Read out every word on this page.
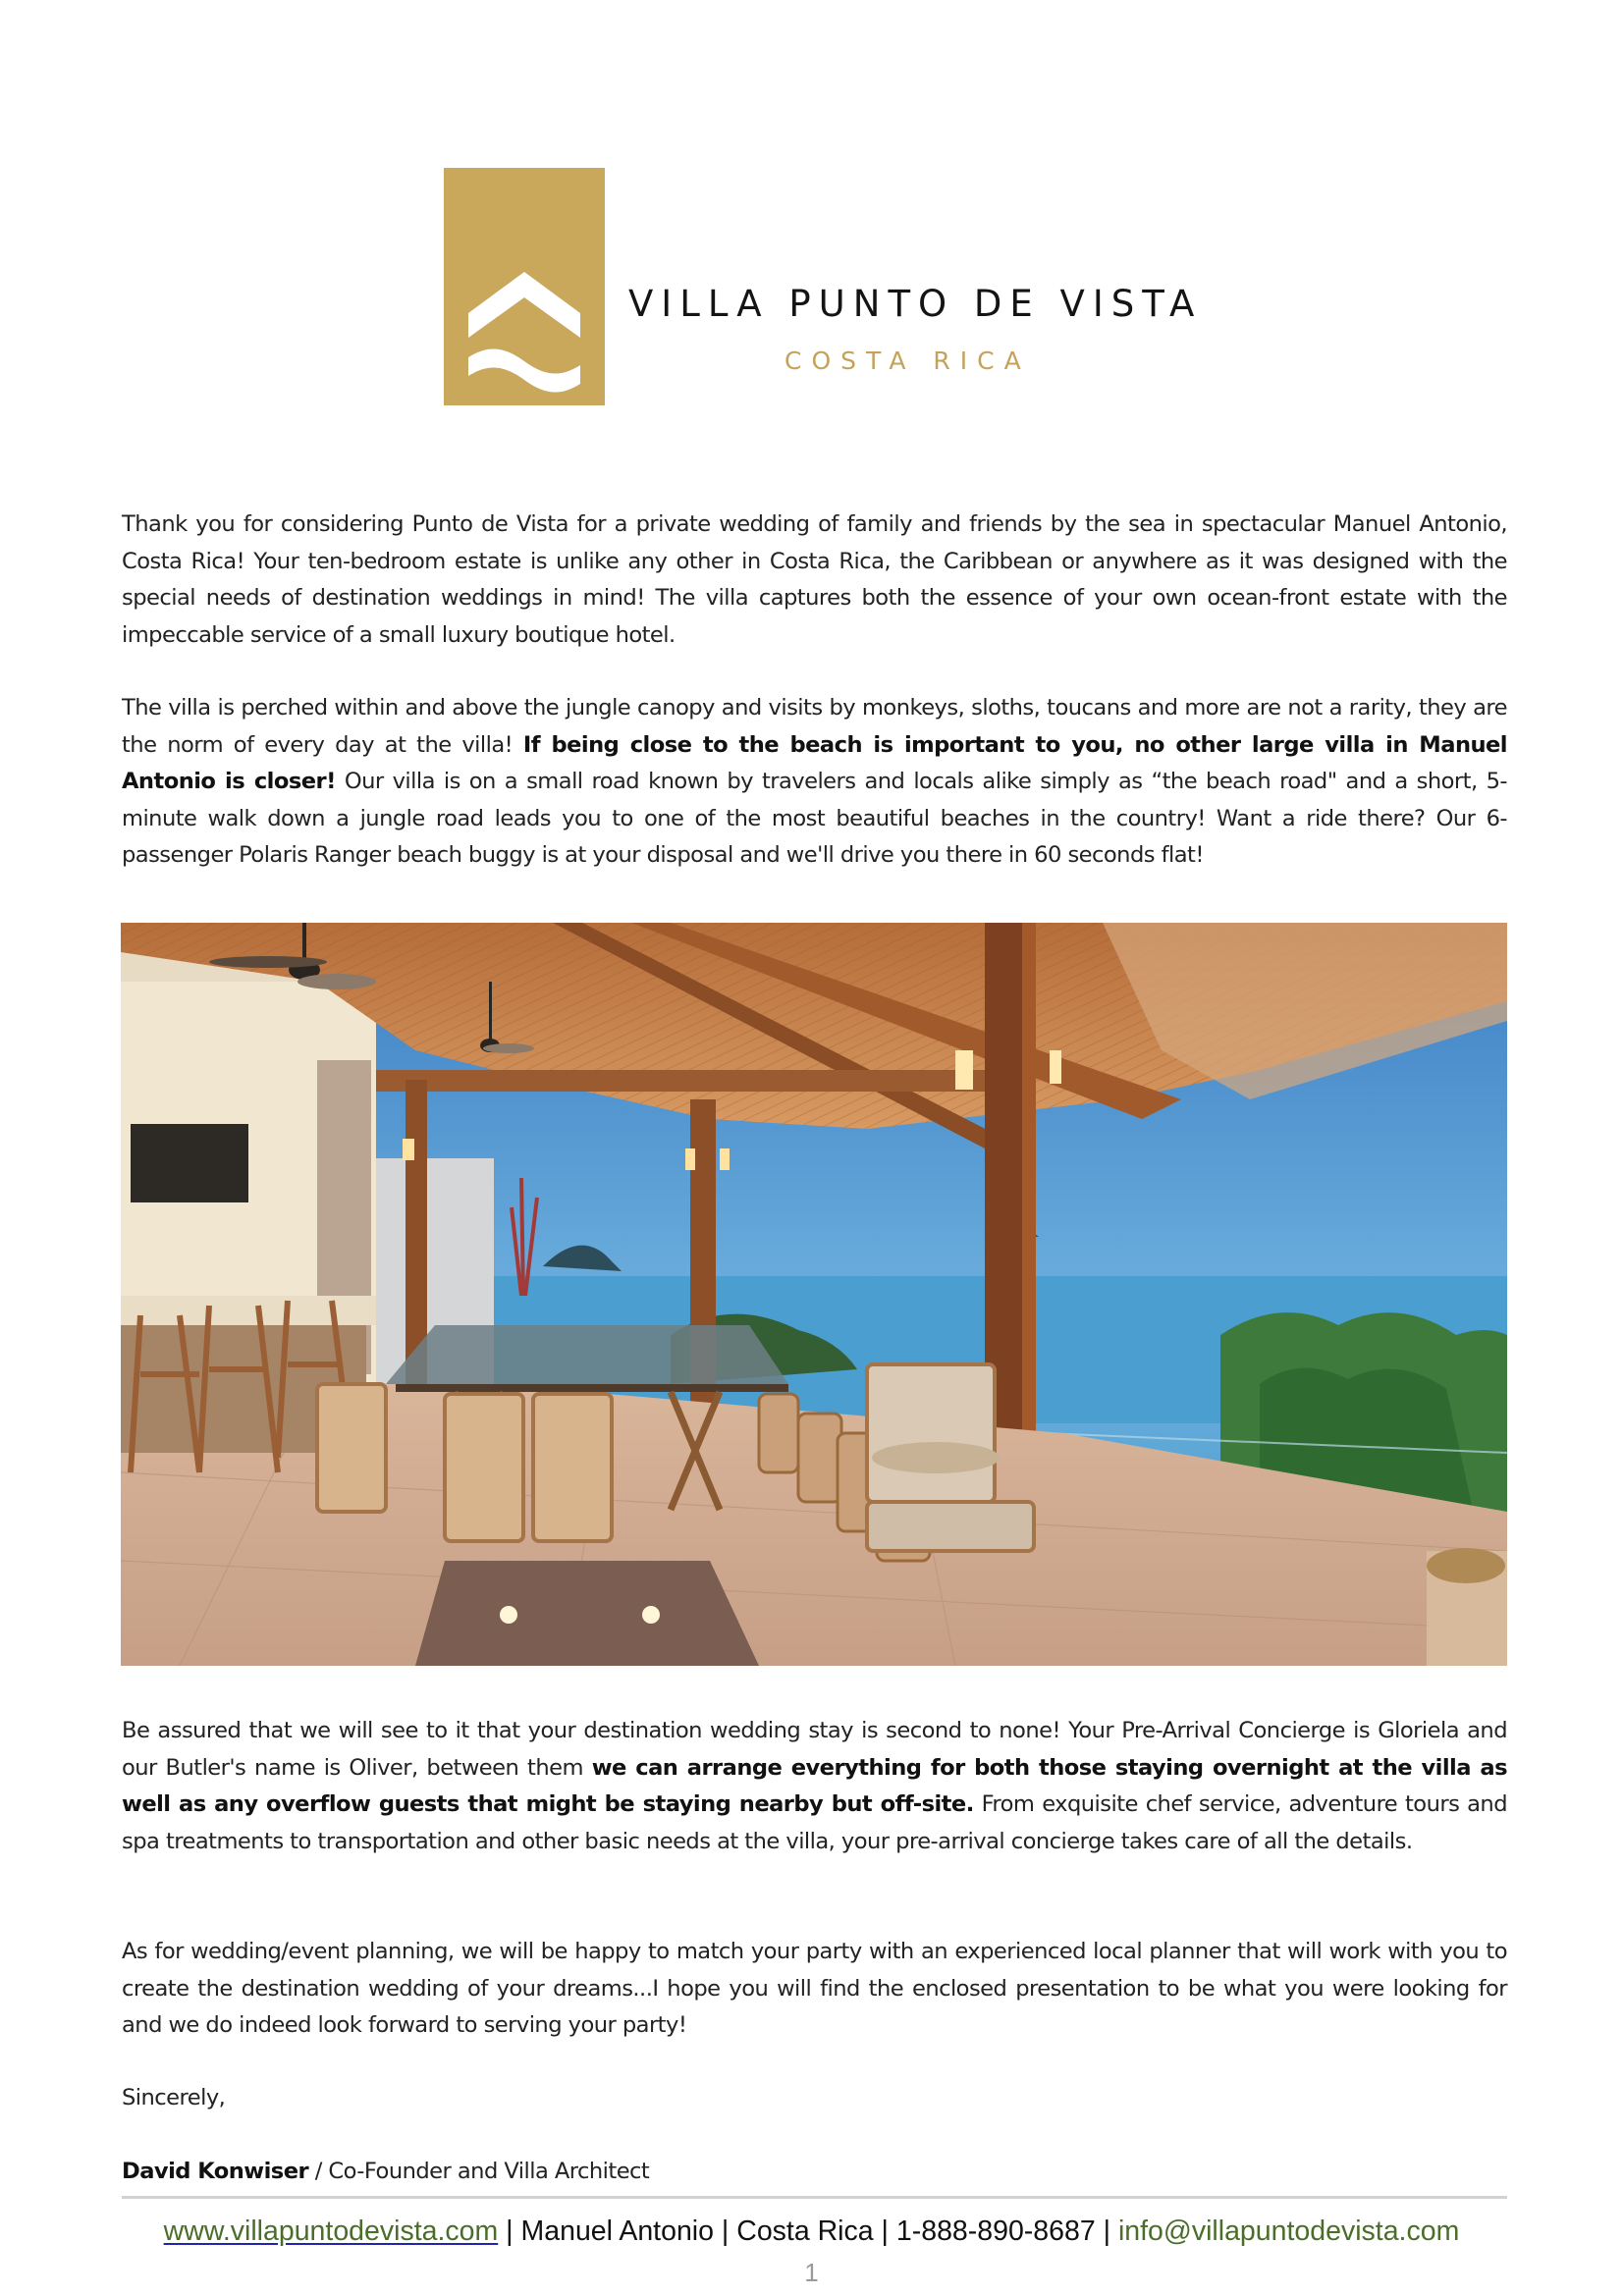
VILLA PUNTO DE VISTA
COSTA RICA

Thank you for considering Punto de Vista for a private wedding of family and friends by the sea in spectacular Manuel Antonio, Costa Rica! Your ten-bedroom estate is unlike any other in Costa Rica, the Caribbean or anywhere as it was designed with the special needs of destination weddings in mind! The villa captures both the essence of your own ocean-front estate with the impeccable service of a small luxury boutique hotel.

The villa is perched within and above the jungle canopy and visits by monkeys, sloths, toucans and more are not a rarity, they are the norm of every day at the villa! If being close to the beach is important to you, no other large villa in Manuel Antonio is closer! Our villa is on a small road known by travelers and locals alike simply as “the beach road" and a short, 5-minute walk down a jungle road leads you to one of the most beautiful beaches in the country! Want a ride there? Our 6-passenger Polaris Ranger beach buggy is at your disposal and we'll drive you there in 60 seconds flat!

Be assured that we will see to it that your destination wedding stay is second to none! Your Pre-Arrival Concierge is Gloriela and our Butler's name is Oliver, between them we can arrange everything for both those staying overnight at the villa as well as any overflow guests that might be staying nearby but off-site. From exquisite chef service, adventure tours and spa treatments to transportation and other basic needs at the villa, your pre-arrival concierge takes care of all the details.

As for wedding/event planning, we will be happy to match your party with an experienced local planner that will work with you to create the destination wedding of your dreams...I hope you will find the enclosed presentation to be what you were looking for and we do indeed look forward to serving your party!

Sincerely,

David Konwiser / Co-Founder and Villa Architect

www.villapuntodevista.com | Manuel Antonio | Costa Rica | 1-888-890-8687 | info@villapuntodevista.com
1
